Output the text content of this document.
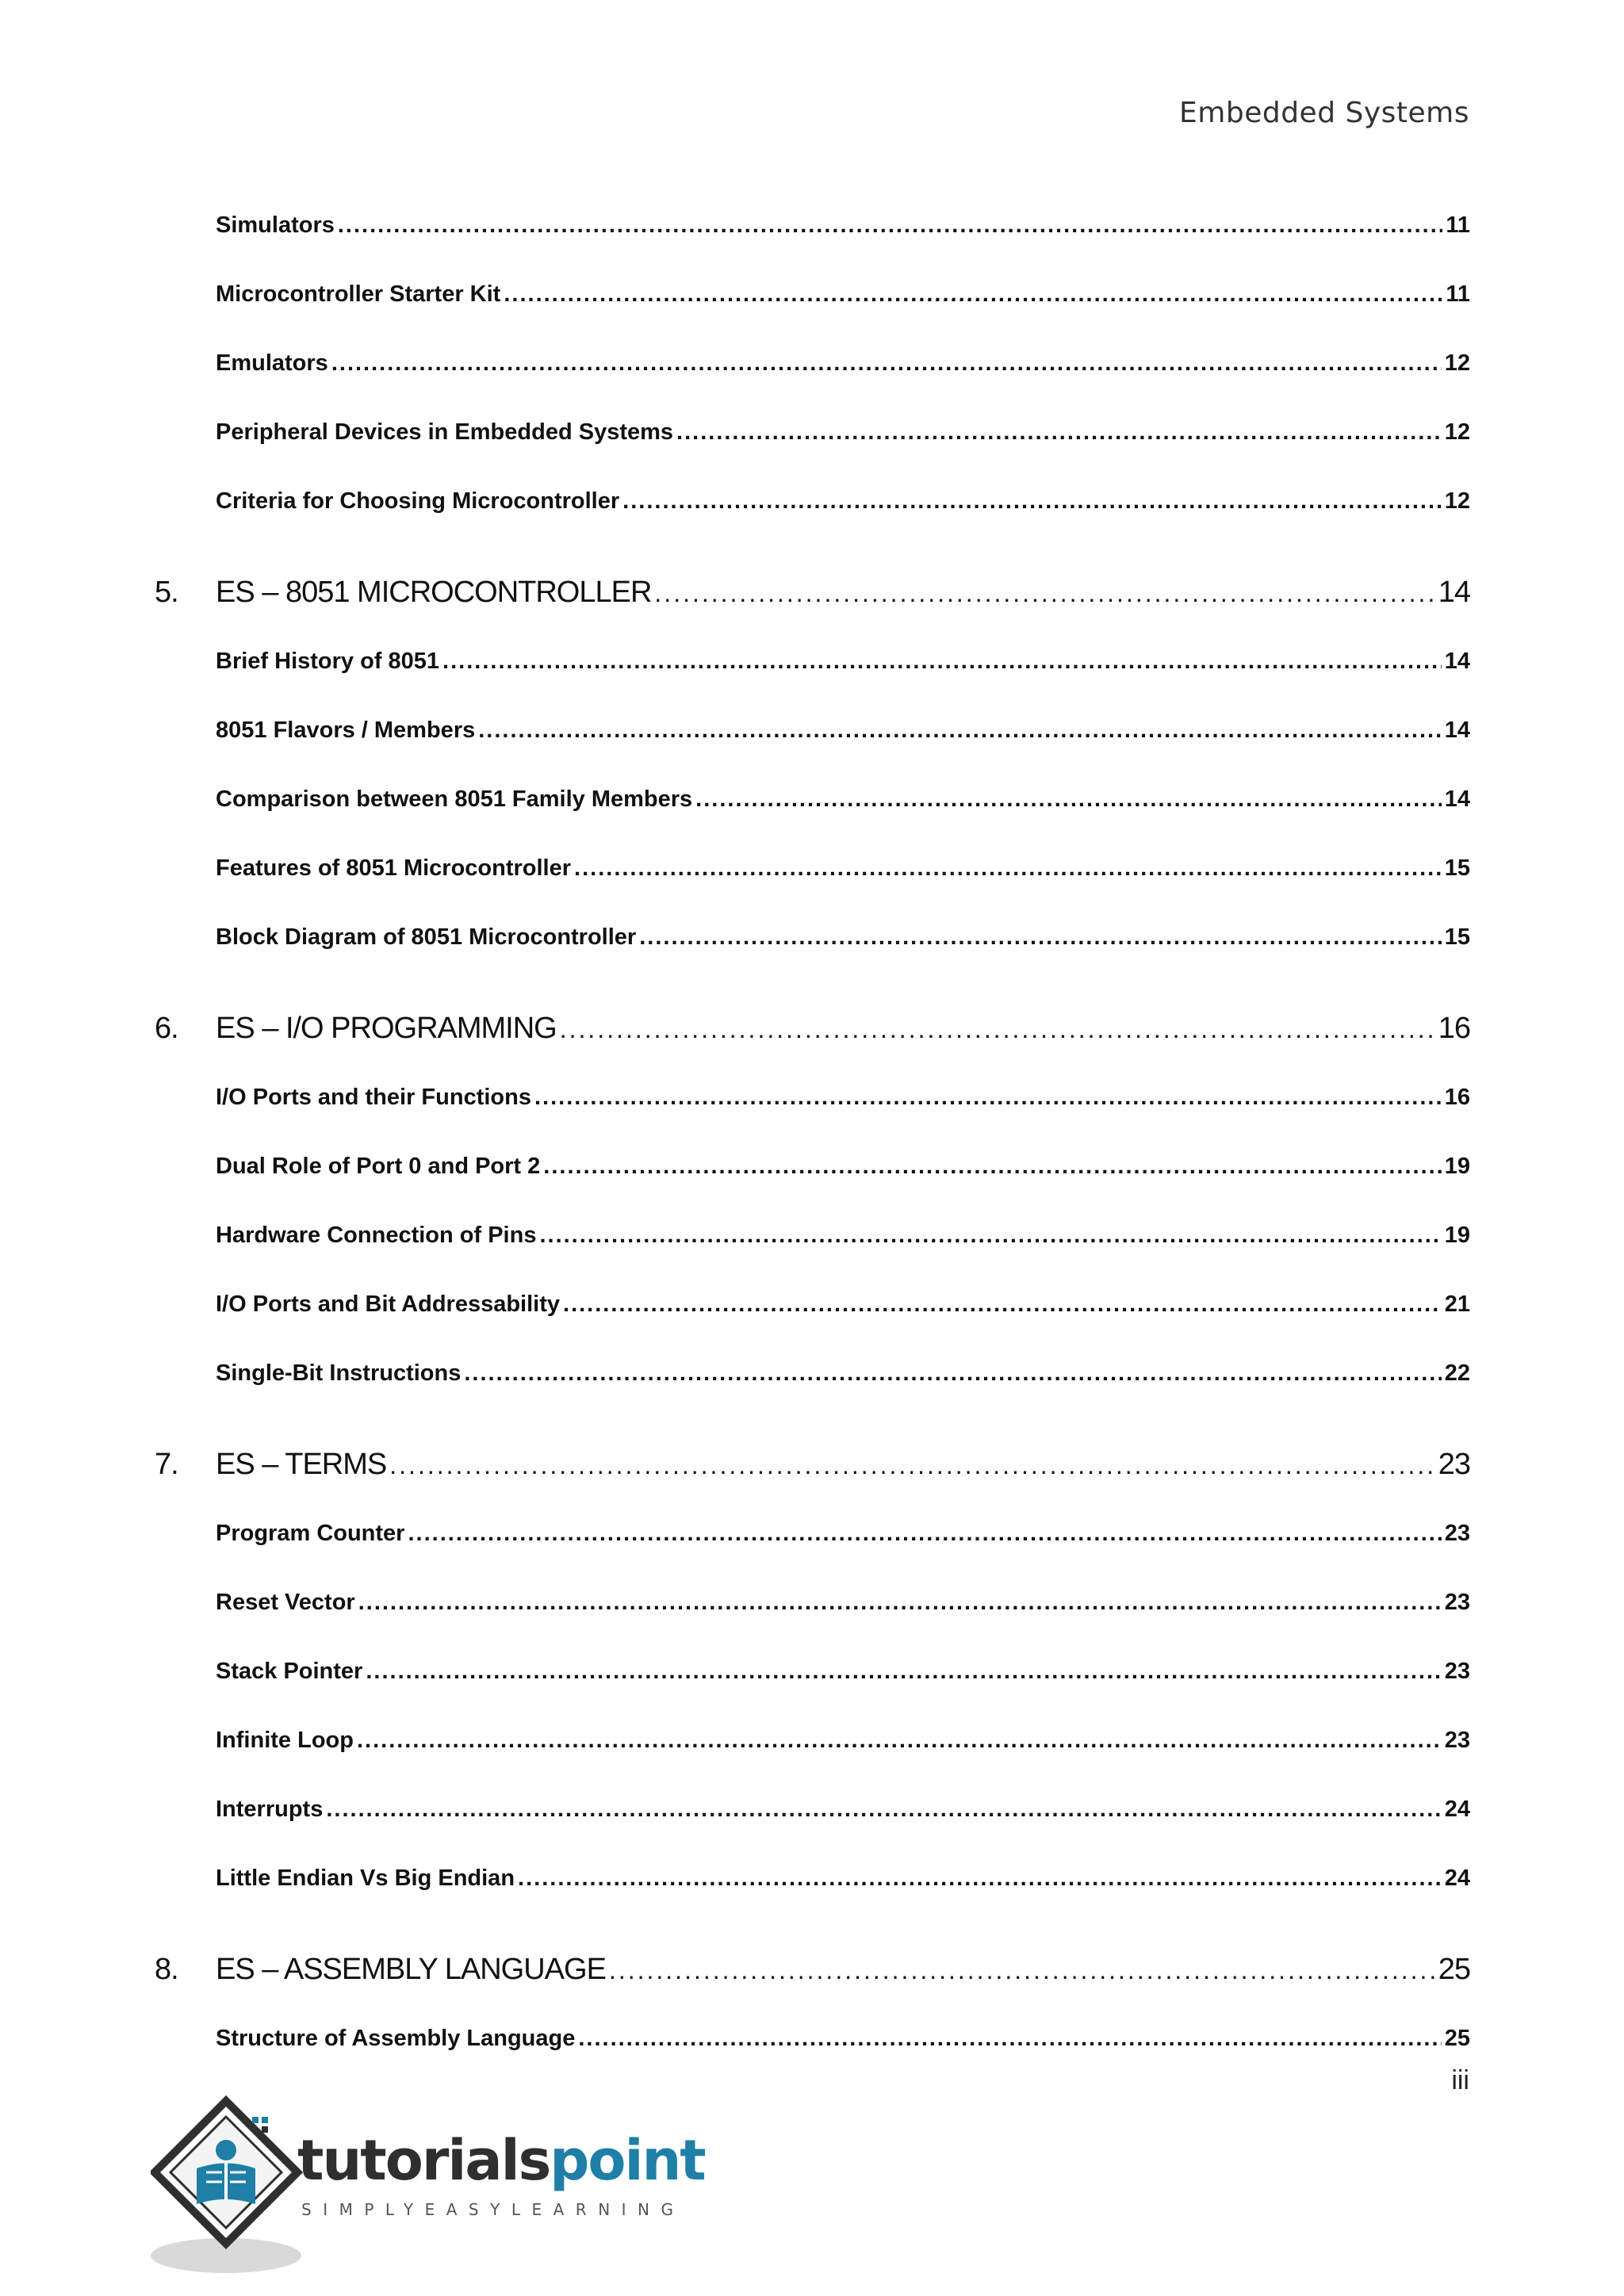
Embedded Systems
Simulators .....	11
Microcontroller Starter Kit .....	11
Emulators .....	12
Peripheral Devices in Embedded Systems .....	12
Criteria for Choosing Microcontroller .....	12
5.	ES – 8051 MICROCONTROLLER .....	14
Brief History of 8051 .....	14
8051 Flavors / Members .....	14
Comparison between 8051 Family Members .....	14
Features of 8051 Microcontroller .....	15
Block Diagram of 8051 Microcontroller .....	15
6.	ES – I/O PROGRAMMING .....	16
I/O Ports and their Functions .....	16
Dual Role of Port 0 and Port 2 .....	19
Hardware Connection of Pins .....	19
I/O Ports and Bit Addressability .....	21
Single-Bit Instructions .....	22
7.	ES – TERMS .....	23
Program Counter .....	23
Reset Vector .....	23
Stack Pointer .....	23
Infinite Loop .....	23
Interrupts .....	24
Little Endian Vs Big Endian .....	24
8.	ES – ASSEMBLY LANGUAGE .....	25
Structure of Assembly Language .....	25
iii
tutorialspoint
SIMPLYEASYLEARNING
